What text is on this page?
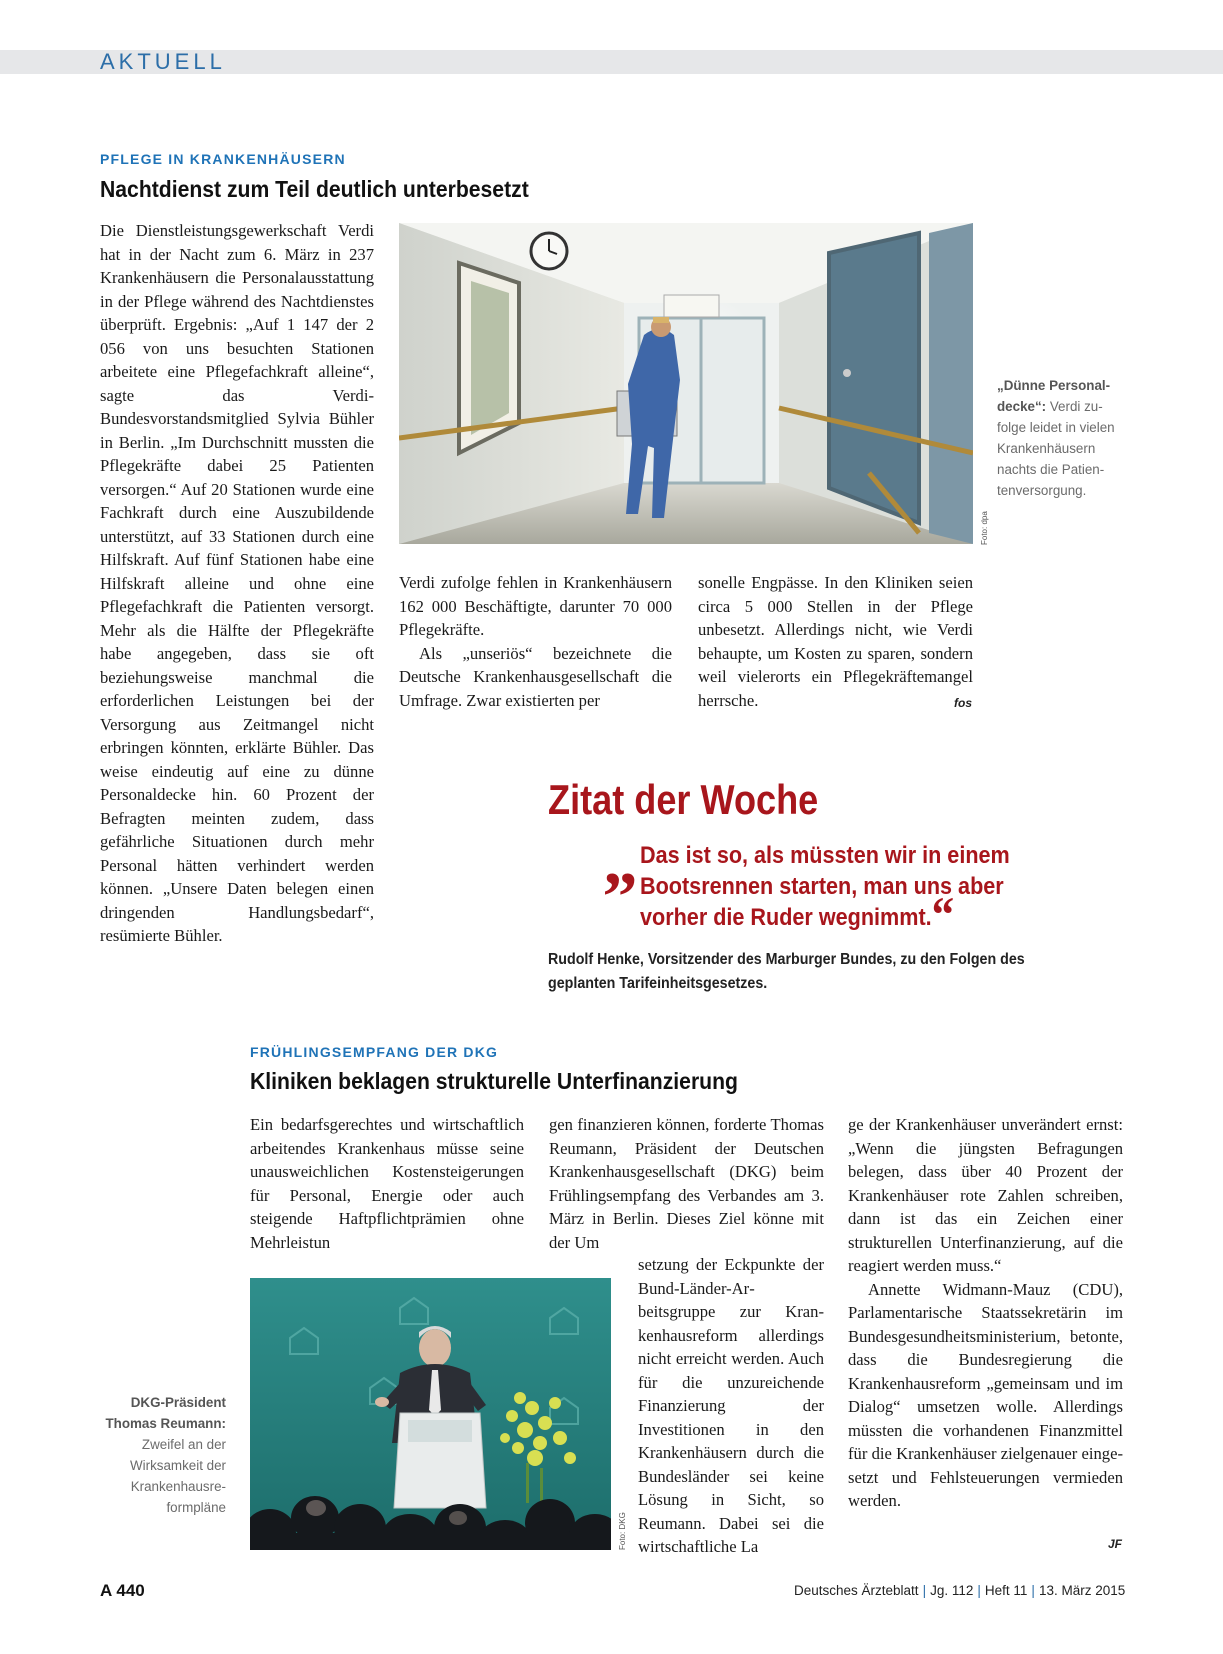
AKTUELL
PFLEGE IN KRANKENHÄUSERN
Nachtdienst zum Teil deutlich unterbesetzt

Die Dienstleistungsgewerkschaft Verdi hat in der Nacht zum 6. März in 237 Krankenhäusern die Personalausstattung in der Pflege während des Nachtdienstes überprüft. Ergebnis: „Auf 1 147 der 2 056 von uns besuchten Stationen arbeitete eine Pflegefachkraft alleine“, sagte das Verdi-Bundesvorstandsmitglied Sylvia Bühler in Berlin. „Im Durchschnitt mussten die Pflegekräfte dabei 25 Patienten versorgen.“ Auf 20 Stationen wurde eine Fachkraft durch eine Auszubildende unterstützt, auf 33 Stationen durch eine Hilfskraft. Auf fünf Stationen habe eine Hilfskraft alleine und ohne eine Pflegefachkraft die Patienten versorgt. Mehr als die Hälfte der Pflegekräfte habe angegeben, dass sie oft beziehungsweise manchmal die erforderlichen Leistungen bei der Versorgung aus Zeitmangel nicht erbringen könnten, erklärte Bühler. Das weise eindeutig auf eine zu dünne Personaldecke hin. 60 Prozent der Befragten meinten zudem, dass gefährliche Situationen durch mehr Personal hätten verhindert werden können. „Unsere Daten belegen einen dringenden Handlungsbedarf“, resümierte Bühler.

Foto: dpa
„Dünne Personaldecke“: Verdi zufolge leidet in vielen Krankenhäusern nachts die Patientenversorgung.

Verdi zufolge fehlen in Krankenhäusern 162 000 Beschäftigte, darunter 70 000 Pflegekräfte.

Als „unseriös“ bezeichnete die Deutsche Krankenhausgesellschaft die Umfrage. Zwar existierten per

sonelle Engpässe. In den Kliniken seien circa 5 000 Stellen in der Pflege unbesetzt. Allerdings nicht, wie Verdi behaupte, um Kosten zu sparen, sondern weil vielerorts ein Pflegekräftemangel herrsche.	fos
Zitat der Woche
„ Das ist so, als müssten wir in einem Bootsrennen starten, man uns aber vorher die Ruder wegnimmt.“
Rudolf Henke, Vorsitzender des Marburger Bundes, zu den Folgen des geplanten Tarifeinheitsgesetzes.
FRÜHLINGSEMPFANG DER DKG
Kliniken beklagen strukturelle Unterfinanzierung

Ein bedarfsgerechtes und wirtschaftlich arbeitendes Krankenhaus müsse seine unausweichlichen Kostensteigerungen für Personal, Energie oder auch steigende Haftpflichtprämien ohne Mehrleistun

gen finanzieren können, forderte Thomas Reumann, Präsident der Deutschen Krankenhausgesellschaft (DKG) beim Frühlingsempfang des Verbandes am 3. März in Berlin. Dieses Ziel könne mit der Um

Foto: DKG
DKG-Präsident Thomas Reumann: Zweifel an der Wirksamkeit der Krankenhausreformpläne

setzung der Eckpunkte der Bund-Länder-Arbeitsgruppe zur Krankenhausreform allerdings nicht erreicht werden. Auch für die unzureichende Finanzierung der Investitionen in den Krankenhäusern durch die Bundesländer sei keine Lösung in Sicht, so Reumann. Dabei sei die wirtschaftliche La

ge der Krankenhäuser unverändert ernst: „Wenn die jüngsten Befragungen belegen, dass über 40 Prozent der Krankenhäuser rote Zahlen schreiben, dann ist das ein Zeichen einer strukturellen Unterfinanzierung, auf die reagiert werden muss.“

Annette Widmann-Mauz (CDU), Parlamentarische Staatssekretärin im Bundesgesundheitsministerium, betonte, dass die Bundesregierung die Krankenhausreform „gemeinsam und im Dialog“ umsetzen wolle. Allerdings müssten die vorhandenen Finanzmittel für die Krankenhäuser zielgenauer eingesetzt und Fehlsteuerungen vermieden werden.

JF
A 440	Deutsches Ärzteblatt | Jg. 112 | Heft 11 | 13. März 2015
